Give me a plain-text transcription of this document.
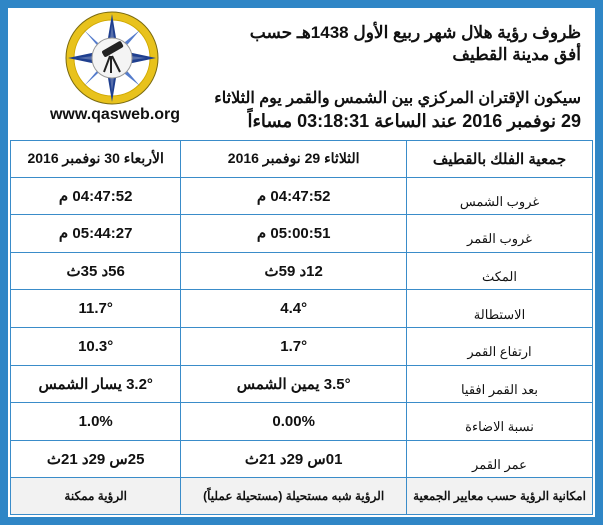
www.qasweb.org
ظروف رؤية هلال شهر ربيع الأول 1438هـ حسب
أفق مدينة القطيف
سيكون الإقتران المركزي بين الشمس والقمر يوم الثلاثاء
29 نوفمبر 2016 عند الساعة 03:18:31 مساءاً
جمعية الفلك بالقطيف	الثلاثاء 29 نوفمبر 2016	الأربعاء 30 نوفمبر 2016
غروب الشمس	04:47:52 م	04:47:52 م
غروب القمر	05:00:51 م	05:44:27 م
المكث	12د 59ث	56د 35ث
الاستطالة	4.4°	11.7°
ارتفاع القمر	1.7°	10.3°
بعد القمر افقيا	3.5° يمين الشمس	3.2° يسار الشمس
نسبة الاضاءة	0.00%	1.0%
عمر القمر	01س 29د 21ث	25س 29د 21ث
امكانية الرؤية حسب معايير الجمعية	الرؤية شبه مستحيلة (مستحيلة عملياً)	الرؤية ممكنة
